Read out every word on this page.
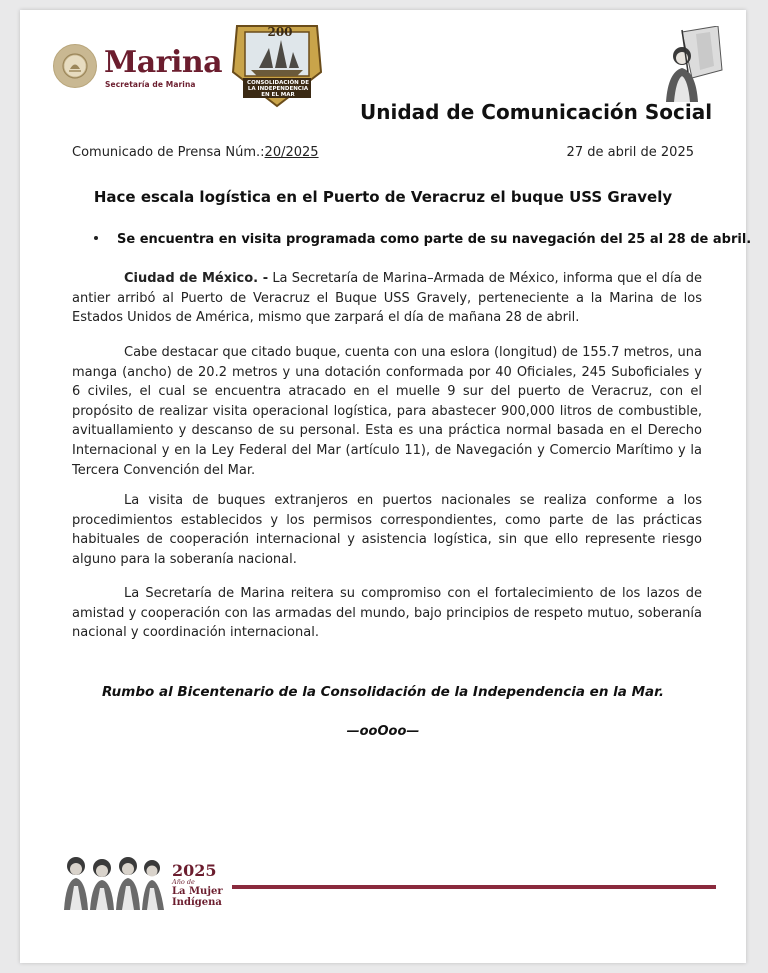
Marina
Secretaría de Marina
200
CONSOLIDACIÓN DE LA INDEPENDENCIA EN EL MAR
Unidad de Comunicación Social
Comunicado de Prensa Núm.:20/2025	27 de abril de 2025
Hace escala logística en el Puerto de Veracruz el buque USS Gravely
Se encuentra en visita programada como parte de su navegación del 25 al 28 de abril.
Ciudad de México. - La Secretaría de Marina–Armada de México, informa que el día de antier arribó al Puerto de Veracruz el Buque USS Gravely, perteneciente a la Marina de los Estados Unidos de América, mismo que zarpará el día de mañana 28 de abril.
Cabe destacar que citado buque, cuenta con una eslora (longitud) de 155.7 metros, una manga (ancho) de 20.2 metros y una dotación conformada por 40 Oficiales, 245 Suboficiales y 6 civiles, el cual se encuentra atracado en el muelle 9 sur del puerto de Veracruz, con el propósito de realizar visita operacional logística, para abastecer 900,000 litros de combustible, avituallamiento y descanso de su personal. Esta es una práctica normal basada en el Derecho Internacional y en la Ley Federal del Mar (artículo 11), de Navegación y Comercio Marítimo y la Tercera Convención del Mar.
La visita de buques extranjeros en puertos nacionales se realiza conforme a los procedimientos establecidos y los permisos correspondientes, como parte de las prácticas habituales de cooperación internacional y asistencia logística, sin que ello represente riesgo alguno para la soberanía nacional.
La Secretaría de Marina reitera su compromiso con el fortalecimiento de los lazos de amistad y cooperación con las armadas del mundo, bajo principios de respeto mutuo, soberanía nacional y coordinación internacional.
Rumbo al Bicentenario de la Consolidación de la Independencia en la Mar.
—ooOoo—
2025
Año de
La Mujer
Indígena
